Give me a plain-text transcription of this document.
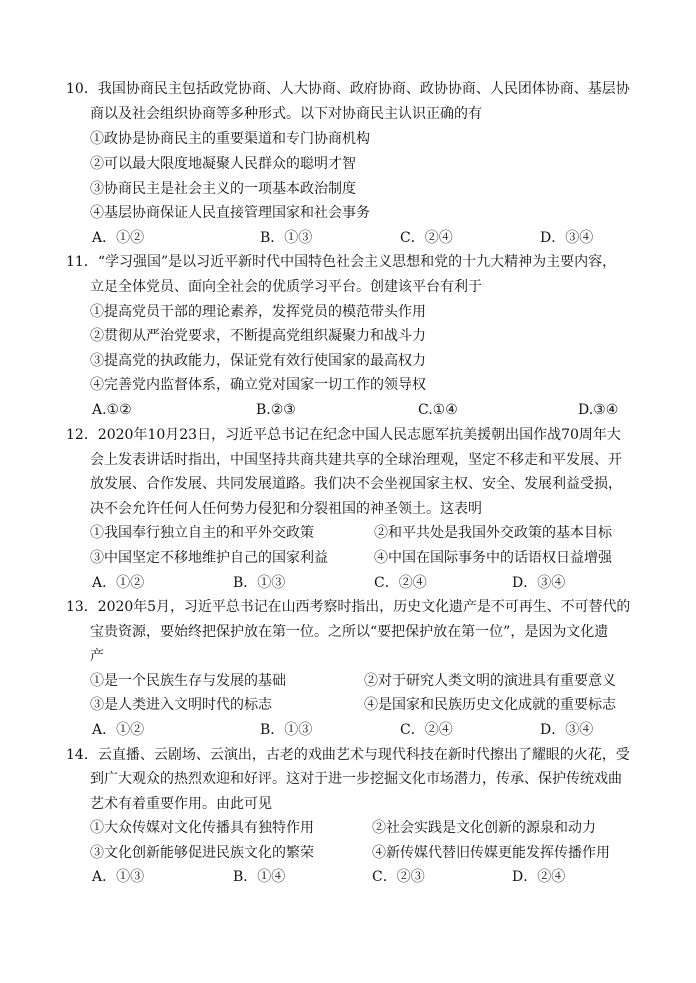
10．我国协商民主包括政党协商、人大协商、政府协商、政协协商、人民团体协商、基层协
商以及社会组织协商等多种形式。以下对协商民主认识正确的有
①政协是协商民主的重要渠道和专门协商机构
②可以最大限度地凝聚人民群众的聪明才智
③协商民主是社会主义的一项基本政治制度
④基层协商保证人民直接管理国家和社会事务
A．①②	B．①③	C．②④	D．③④
11．“学习强国”是以习近平新时代中国特色社会主义思想和党的十九大精神为主要内容，
立足全体党员、面向全社会的优质学习平台。创建该平台有利于
①提高党员干部的理论素养，发挥党员的模范带头作用
②贯彻从严治党要求，不断提高党组织凝聚力和战斗力
③提高党的执政能力，保证党有效行使国家的最高权力
④完善党内监督体系，确立党对国家一切工作的领导权
A.①②	B.②③	C.①④	D.③④
12．2020年10月23日，习近平总书记在纪念中国人民志愿军抗美援朝出国作战70周年大
会上发表讲话时指出，中国坚持共商共建共享的全球治理观，坚定不移走和平发展、开
放发展、合作发展、共同发展道路。我们决不会坐视国家主权、安全、发展利益受损，
决不会允许任何人任何势力侵犯和分裂祖国的神圣领土。这表明
①我国奉行独立自主的和平外交政策	②和平共处是我国外交政策的基本目标
③中国坚定不移地维护自己的国家利益	④中国在国际事务中的话语权日益增强
A．①②	B．①③	C．②④	D．③④
13．2020年5月，习近平总书记在山西考察时指出，历史文化遗产是不可再生、不可替代的
宝贵资源，要始终把保护放在第一位。之所以“要把保护放在第一位”，是因为文化遗
产
①是一个民族生存与发展的基础	②对于研究人类文明的演进具有重要意义
③是人类进入文明时代的标志	④是国家和民族历史文化成就的重要标志
A．①②	B．①③	C．②④	D．③④
14．云直播、云剧场、云演出，古老的戏曲艺术与现代科技在新时代擦出了耀眼的火花，受
到广大观众的热烈欢迎和好评。这对于进一步挖掘文化市场潜力，传承、保护传统戏曲
艺术有着重要作用。由此可见
①大众传媒对文化传播具有独特作用	②社会实践是文化创新的源泉和动力
③文化创新能够促进民族文化的繁荣	④新传媒代替旧传媒更能发挥传播作用
A．①③	B．①④	C．②③	D．②④
